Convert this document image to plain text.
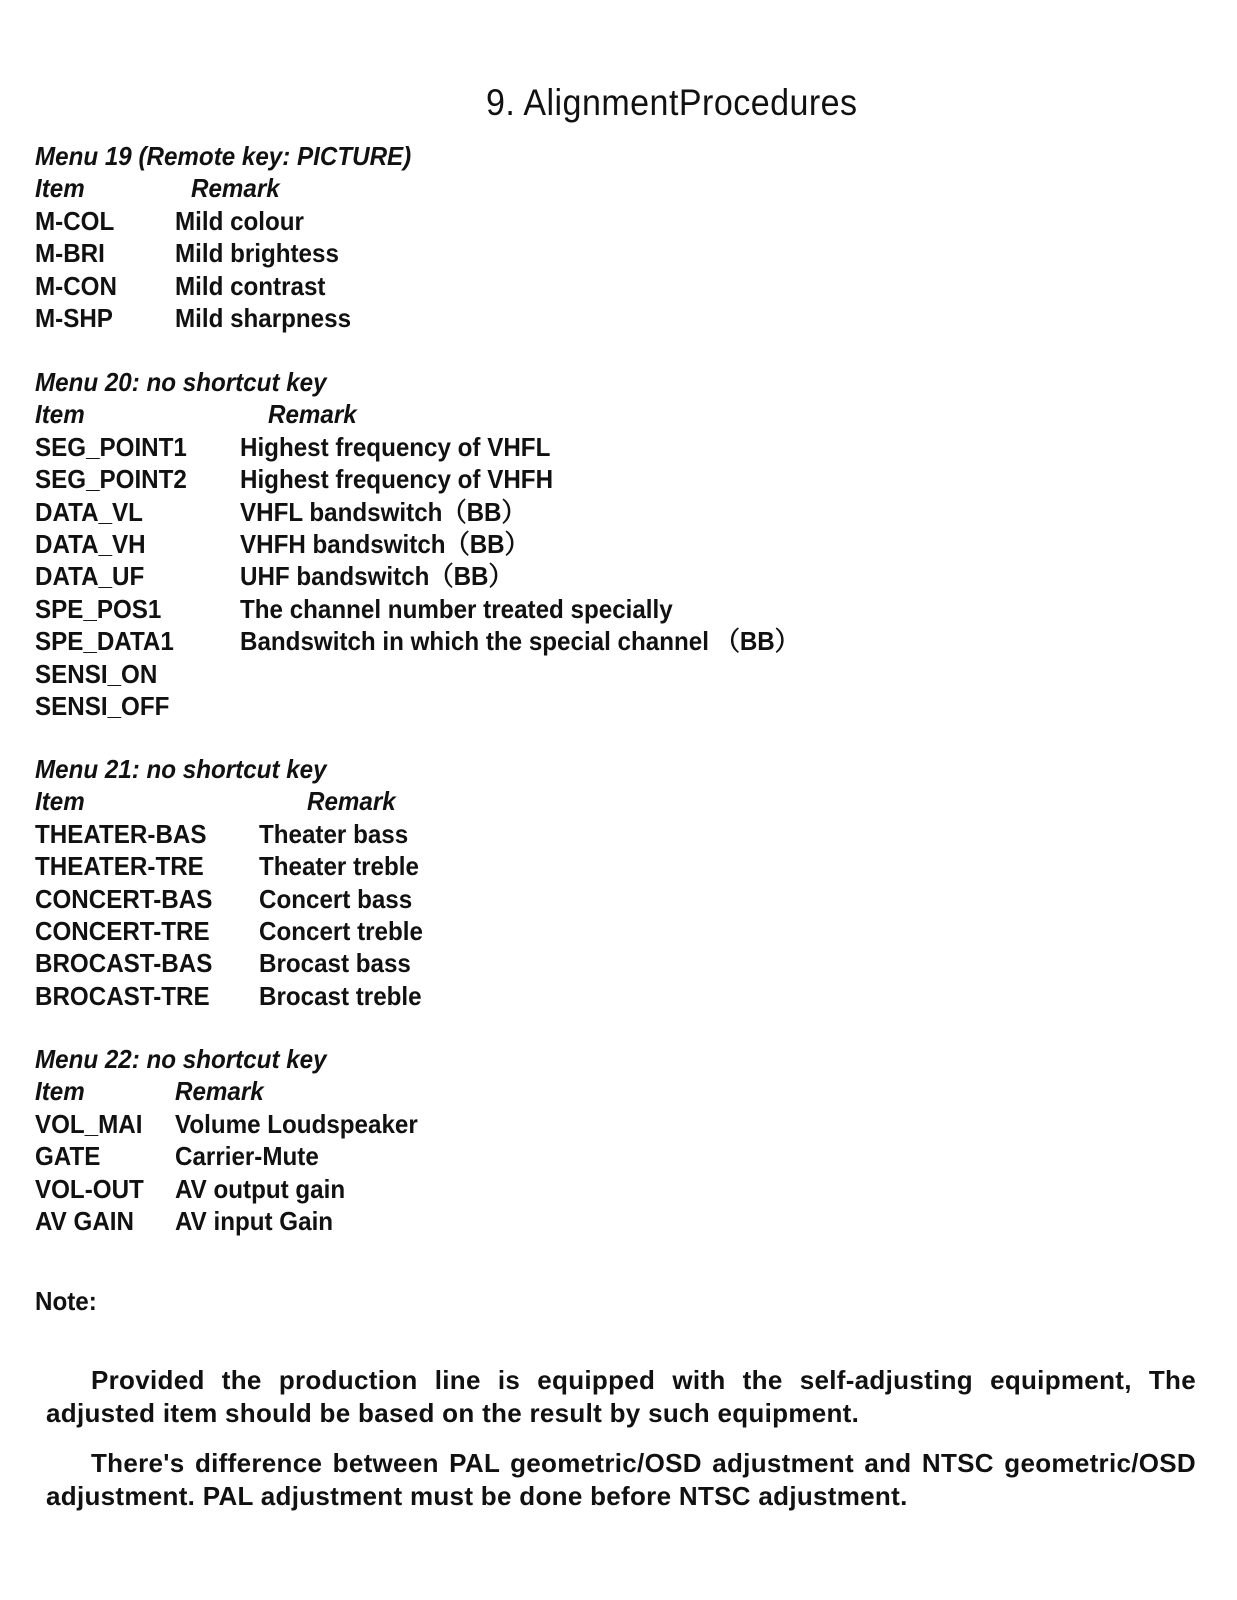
9. AlignmentProcedures
Menu 19 (Remote key: PICTURE)
Item	Remark
M-COL Mild colour
M-BRI	Mild brightess
M-CON Mild contrast
M-SHP Mild sharpness
Menu 20: no shortcut key
Item	Remark
SEG_POINT1 Highest frequency of VHFL
SEG_POINT2 Highest frequency of VHFH
DATA_VL	VHFL bandswitch（BB）
DATA_VH	VHFH bandswitch（BB）
DATA_UF	UHF bandswitch（BB）
SPE_POS1	The channel number treated specially
SPE_DATA1	Bandswitch in which the special channel （BB）
SENSI_ON
SENSI_OFF
Menu 21: no shortcut key
Item	Remark
THEATER-BAS Theater bass
THEATER-TRE Theater treble
CONCERT-BAS Concert bass
CONCERT-TRE Concert treble
BROCAST-BAS Brocast bass
BROCAST-TRE Brocast treble
Menu 22: no shortcut key
Item	Remark
VOL_MAI Volume Loudspeaker
GATE	Carrier-Mute
VOL-OUT AV output gain
AV GAIN AV input Gain
Note:

Provided the production line is equipped with the self-adjusting equipment, The adjusted item should be based on the result by such equipment.

There's difference between PAL geometric/OSD adjustment and NTSC geometric/OSD adjustment. PAL adjustment must be done before NTSC adjustment.
